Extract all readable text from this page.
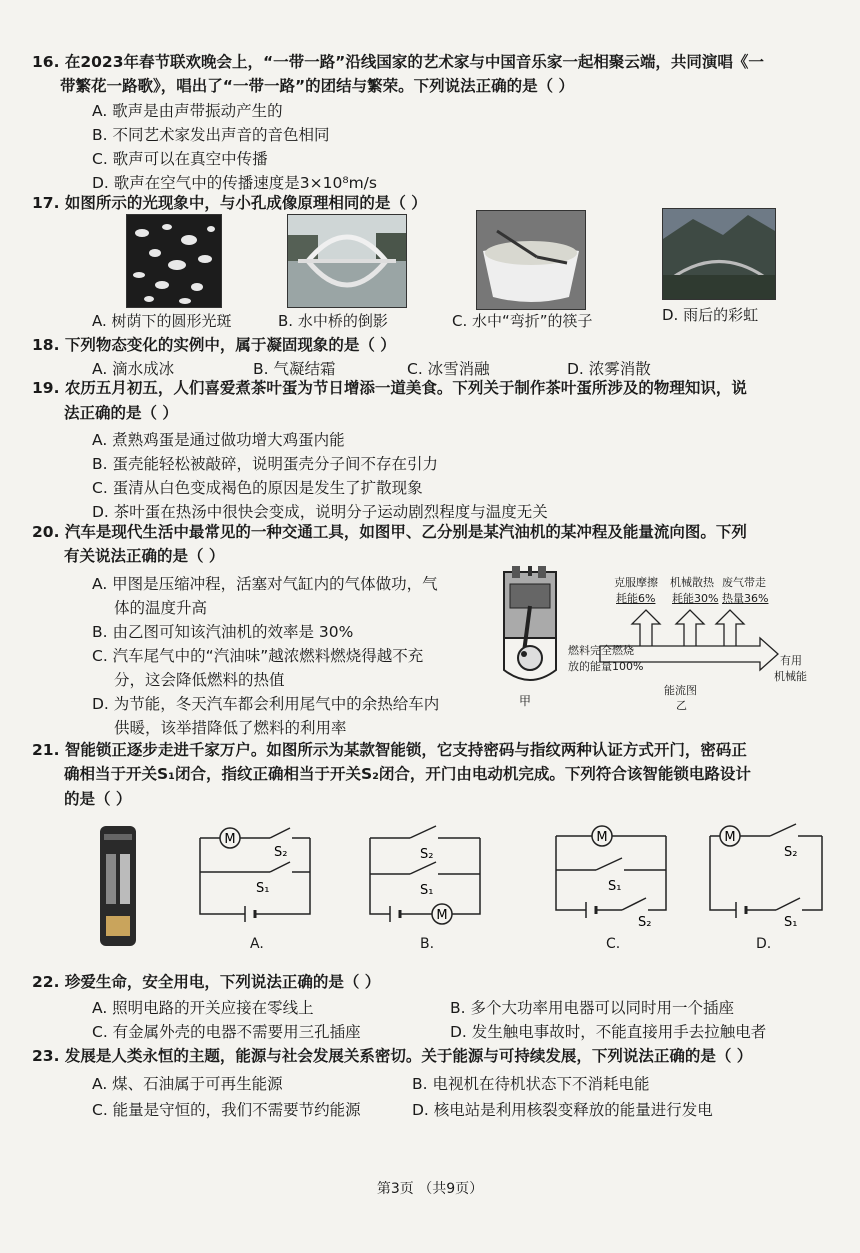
16. 在2023年春节联欢晚会上，“一带一路”沿线国家的艺术家与中国音乐家一起相聚云端，共同演唱《一
带繁花一路歌》，唱出了“一带一路”的团结与繁荣。下列说法正确的是（ ）
A. 歌声是由声带振动产生的
B. 不同艺术家发出声音的音色相同
C. 歌声可以在真空中传播
D. 歌声在空气中的传播速度是3×10⁸m/s
17. 如图所示的光现象中，与小孔成像原理相同的是（ ）
A. 树荫下的圆形光斑	B. 水中桥的倒影	C. 水中“弯折”的筷子	D. 雨后的彩虹
18. 下列物态变化的实例中，属于凝固现象的是（ ）
A. 滴水成冰	B. 气凝结霜	C. 冰雪消融	D. 浓雾消散
19. 农历五月初五，人们喜爱煮茶叶蛋为节日增添一道美食。下列关于制作茶叶蛋所涉及的物理知识，说
法正确的是（ ）
A. 煮熟鸡蛋是通过做功增大鸡蛋内能
B. 蛋壳能轻松被敲碎，说明蛋壳分子间不存在引力
C. 蛋清从白色变成褐色的原因是发生了扩散现象
D. 茶叶蛋在热汤中很快会变成，说明分子运动剧烈程度与温度无关
20. 汽车是现代生活中最常见的一种交通工具，如图甲、乙分别是某汽油机的某冲程及能量流向图。下列
有关说法正确的是（ ）
A. 甲图是压缩冲程，活塞对气缸内的气体做功，气
体的温度升高
B. 由乙图可知该汽油机的效率是 30%
C. 汽车尾气中的“汽油味”越浓燃料燃烧得越不充
分，这会降低燃料的热值
D. 为节能，冬天汽车都会利用尾气中的余热给车内
供暖，该举措降低了燃料的利用率
甲
克服摩擦
耗能6%
机械散热
耗能30%
废气带走
热量36%
燃料完全燃烧
放的能量100%	有用
机械能
能流图
乙
21. 智能锁正逐步走进千家万户。如图所示为某款智能锁，它支持密码与指纹两种认证方式开门，密码正
确相当于开关S₁闭合，指纹正确相当于开关S₂闭合，开门由电动机完成。下列符合该智能锁电路设计
的是（ ）
M
S₂
S₁
A.
M
S₂
S₁
B.
M
S₁
S₂
C.
M
S₂
S₁
D.
22. 珍爱生命，安全用电，下列说法正确的是（ ）
A. 照明电路的开关应接在零线上	B. 多个大功率用电器可以同时用一个插座
C. 有金属外壳的电器不需要用三孔插座	D. 发生触电事故时，不能直接用手去拉触电者
23. 发展是人类永恒的主题，能源与社会发展关系密切。关于能源与可持续发展，下列说法正确的是（ ）
A. 煤、石油属于可再生能源	B. 电视机在待机状态下不消耗电能
C. 能量是守恒的，我们不需要节约能源	D. 核电站是利用核裂变释放的能量进行发电
第3页 （共9页）
